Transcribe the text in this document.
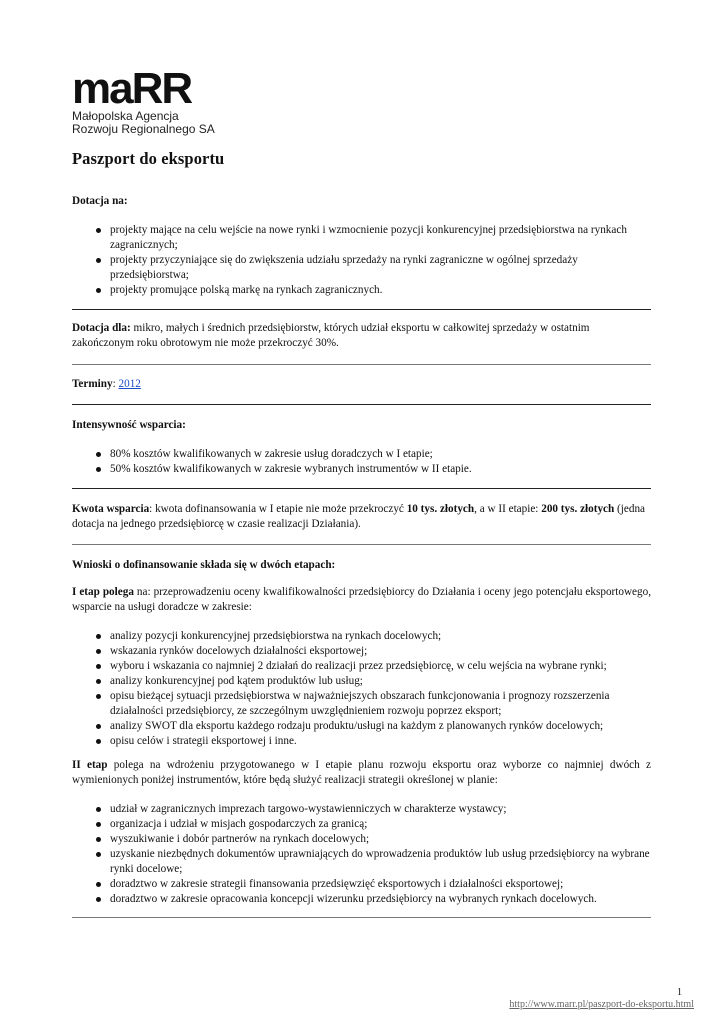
maRR
Małopolska Agencja
Rozwoju Regionalnego SA
Paszport do eksportu

Dotacja na:

projekty mające na celu wejście na nowe rynki i wzmocnienie pozycji konkurencyjnej przedsiębiorstwa na rynkach zagranicznych;
projekty przyczyniające się do zwiększenia udziału sprzedaży na rynki zagraniczne w ogólnej sprzedaży przedsiębiorstwa;
projekty promujące polską markę na rynkach zagranicznych.

Dotacja dla: mikro, małych i średnich przedsiębiorstw, których udział eksportu w całkowitej sprzedaży w ostatnim zakończonym roku obrotowym nie może przekroczyć 30%.

Terminy: 2012

Intensywność wsparcia:

80% kosztów kwalifikowanych w zakresie usług doradczych w I etapie;
50% kosztów kwalifikowanych w zakresie wybranych instrumentów w II etapie.

Kwota wsparcia: kwota dofinansowania w I etapie nie może przekroczyć 10 tys. złotych, a w II etapie: 200 tys. złotych (jedna dotacja na jednego przedsiębiorcę w czasie realizacji Działania).

Wnioski o dofinansowanie składa się w dwóch etapach:

I etap polega na: przeprowadzeniu oceny kwalifikowalności przedsiębiorcy do Działania i oceny jego potencjału eksportowego, wsparcie na usługi doradcze w zakresie:

analizy pozycji konkurencyjnej przedsiębiorstwa na rynkach docelowych;
wskazania rynków docelowych działalności eksportowej;
wyboru i wskazania co najmniej 2 działań do realizacji przez przedsiębiorcę, w celu wejścia na wybrane rynki;
analizy konkurencyjnej pod kątem produktów lub usług;
opisu bieżącej sytuacji przedsiębiorstwa w najważniejszych obszarach funkcjonowania i prognozy rozszerzenia działalności przedsiębiorcy, ze szczególnym uwzględnieniem rozwoju poprzez eksport;
analizy SWOT dla eksportu każdego rodzaju produktu/usługi na każdym z planowanych rynków docelowych;
opisu celów i strategii eksportowej i inne.

II etap polega na wdrożeniu przygotowanego w I etapie planu rozwoju eksportu oraz wyborze co najmniej dwóch z wymienionych poniżej instrumentów, które będą służyć realizacji strategii określonej w planie:

udział w zagranicznych imprezach targowo-wystawienniczych w charakterze wystawcy;
organizacja i udział w misjach gospodarczych za granicą;
wyszukiwanie i dobór partnerów na rynkach docelowych;
uzyskanie niezbędnych dokumentów uprawniających do wprowadzenia produktów lub usług przedsiębiorcy na wybrane rynki docelowe;
doradztwo w zakresie strategii finansowania przedsięwzięć eksportowych i działalności eksportowej;
doradztwo w zakresie opracowania koncepcji wizerunku przedsiębiorcy na wybranych rynkach docelowych.
1
http://www.marr.pl/paszport-do-eksportu.html
